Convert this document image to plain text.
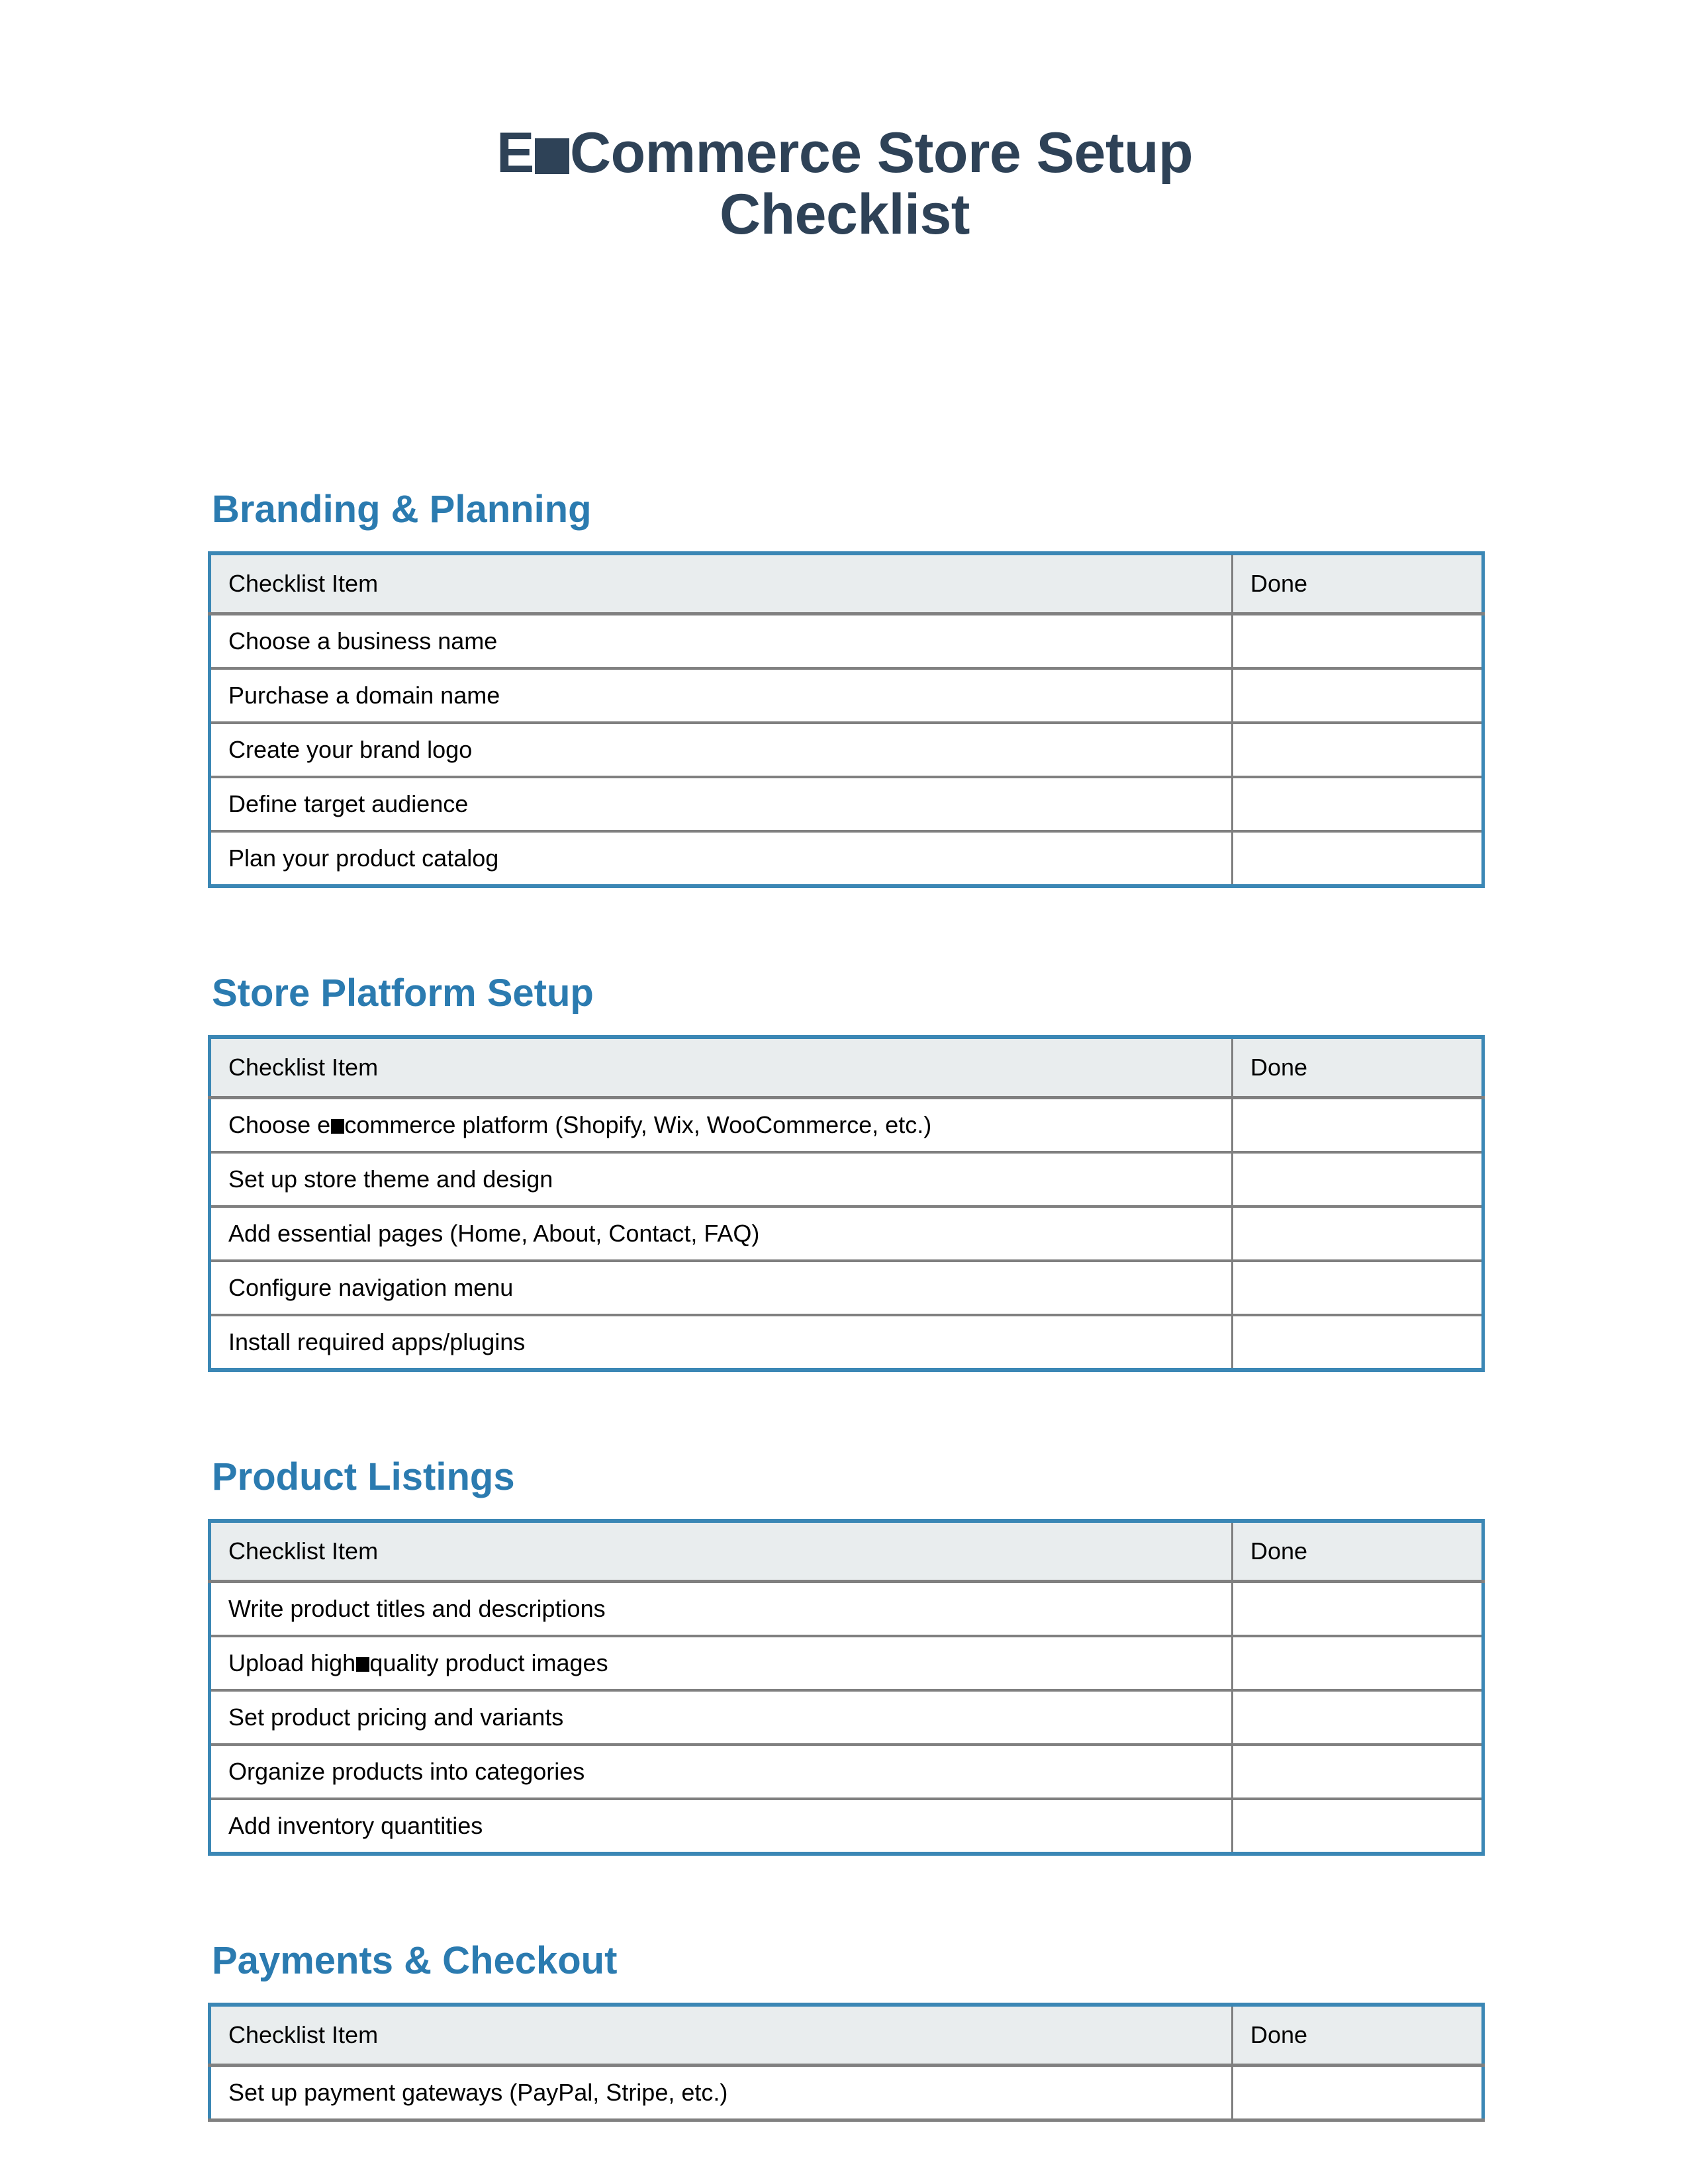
E Commerce Store Setup
Checklist
Branding & Planning
Checklist Item	Done
Choose a business name	
Purchase a domain name	
Create your brand logo	
Define target audience	
Plan your product catalog	
Store Platform Setup
Checklist Item	Done
Choose e commerce platform (Shopify, Wix, WooCommerce, etc.)	
Set up store theme and design	
Add essential pages (Home, About, Contact, FAQ)	
Configure navigation menu	
Install required apps/plugins	
Product Listings
Checklist Item	Done
Write product titles and descriptions	
Upload high quality product images	
Set product pricing and variants	
Organize products into categories	
Add inventory quantities	
Payments & Checkout
Checklist Item	Done
Set up payment gateways (PayPal, Stripe, etc.)	
